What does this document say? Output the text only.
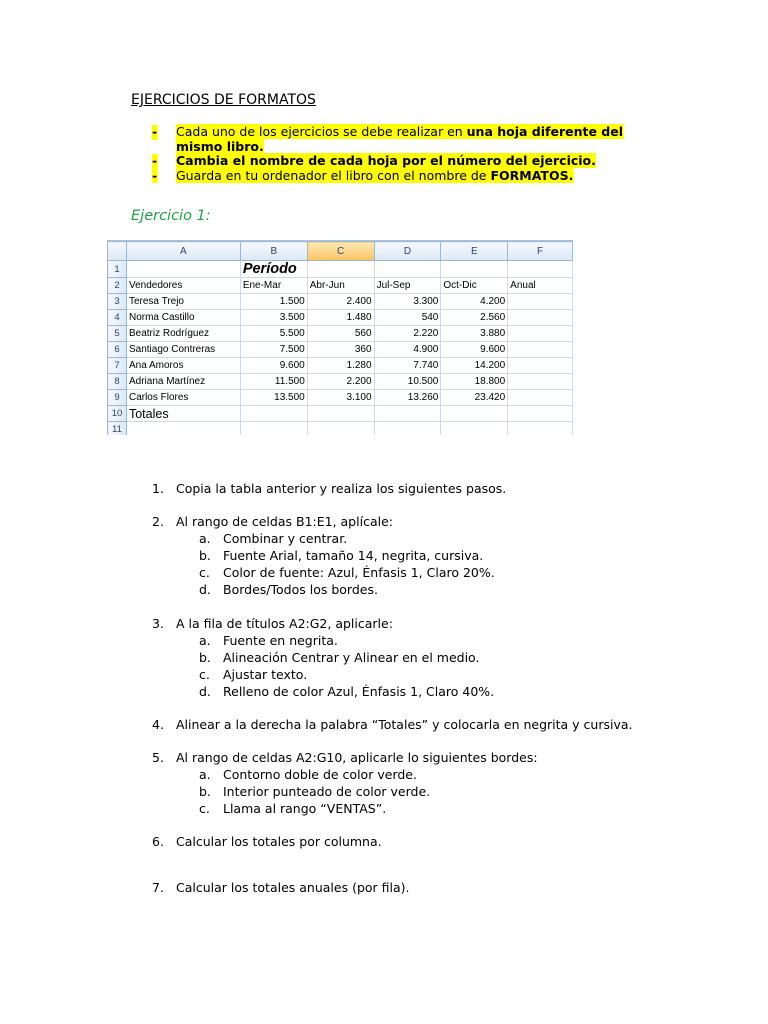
EJERCICIOS DE FORMATOS
- Cada uno de los ejercicios se debe realizar en una hoja diferente del mismo libro.
- Cambia el nombre de cada hoja por el número del ejercicio.
- Guarda en tu ordenador el libro con el nombre de FORMATOS.
Ejercicio 1:
	A	B	C	D	E	F
1		Período				
2	Vendedores	Ene-Mar	Abr-Jun	Jul-Sep	Oct-Dic	Anual
3	Teresa Trejo	1.500	2.400	3.300	4.200	
4	Norma Castillo	3.500	1.480	540	2.560	
5	Beatriz Rodríguez	5.500	560	2.220	3.880	
6	Santiago Contreras	7.500	360	4.900	9.600	
7	Ana Amoros	9.600	1.280	7.740	14.200	
8	Adriana Martínez	11.500	2.200	10.500	18.800	
9	Carlos Flores	13.500	3.100	13.260	23.420	
10	Totales					
11						
1. Copia la tabla anterior y realiza los siguientes pasos.
2. Al rango de celdas B1:E1, aplícale:
a. Combinar y centrar.
b. Fuente Arial, tamaño 14, negrita, cursiva.
c. Color de fuente: Azul, Énfasis 1, Claro 20%.
d. Bordes/Todos los bordes.
3. A la fila de títulos A2:G2, aplicarle:
a. Fuente en negrita.
b. Alineación Centrar y Alinear en el medio.
c. Ajustar texto.
d. Relleno de color Azul, Énfasis 1, Claro 40%.
4. Alinear a la derecha la palabra “Totales” y colocarla en negrita y cursiva.
5. Al rango de celdas A2:G10, aplicarle lo siguientes bordes:
a. Contorno doble de color verde.
b. Interior punteado de color verde.
c. Llama al rango “VENTAS”.
6. Calcular los totales por columna.
7. Calcular los totales anuales (por fila).
